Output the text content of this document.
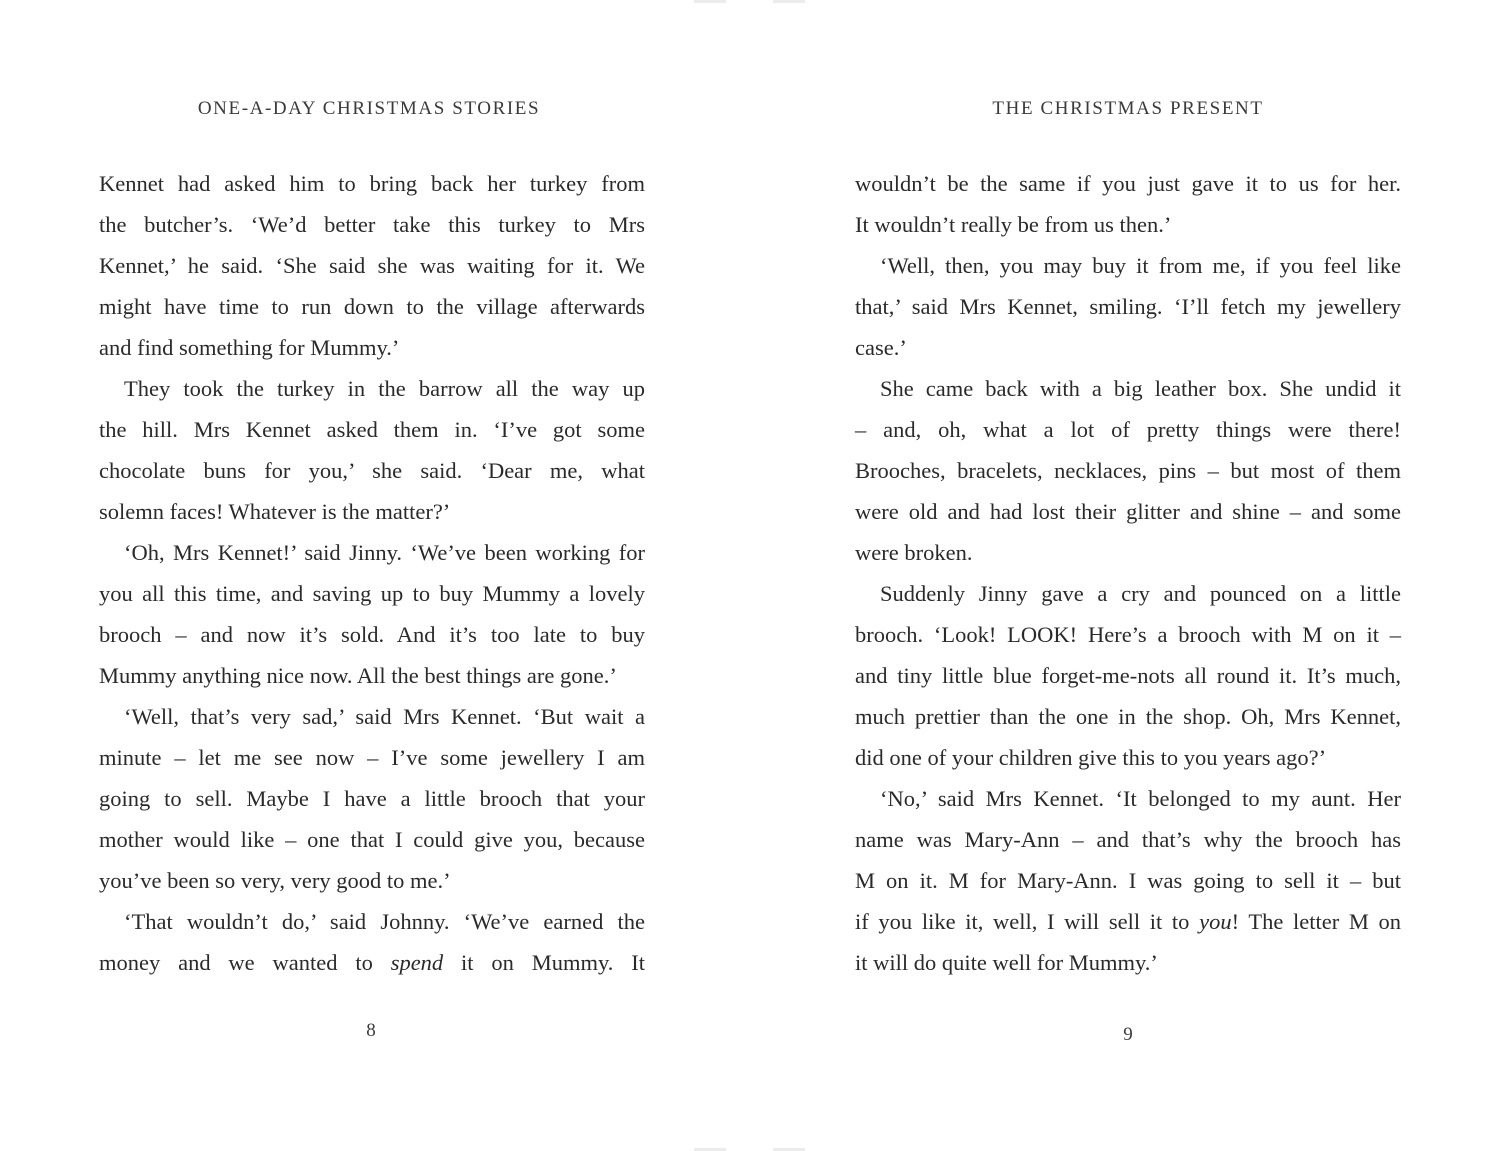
ONE-A-DAY CHRISTMAS STORIES
Kennet had asked him to bring back her turkey from
the butcher’s. ‘We’d better take this turkey to Mrs
Kennet,’ he said. ‘She said she was waiting for it. We
might have time to run down to the village afterwards
and find something for Mummy.’
They took the turkey in the barrow all the way up
the hill. Mrs Kennet asked them in. ‘I’ve got some
chocolate buns for you,’ she said. ‘Dear me, what
solemn faces! Whatever is the matter?’
‘Oh, Mrs Kennet!’ said Jinny. ‘We’ve been working for
you all this time, and saving up to buy Mummy a lovely
brooch – and now it’s sold. And it’s too late to buy
Mummy anything nice now. All the best things are gone.’
‘Well, that’s very sad,’ said Mrs Kennet. ‘But wait a
minute – let me see now – I’ve some jewellery I am
going to sell. Maybe I have a little brooch that your
mother would like – one that I could give you, because
you’ve been so very, very good to me.’
‘That wouldn’t do,’ said Johnny. ‘We’ve earned the
money and we wanted to spend it on Mummy. It
8
THE CHRISTMAS PRESENT
wouldn’t be the same if you just gave it to us for her.
It wouldn’t really be from us then.’
‘Well, then, you may buy it from me, if you feel like
that,’ said Mrs Kennet, smiling. ‘I’ll fetch my jewellery
case.’
She came back with a big leather box. She undid it
– and, oh, what a lot of pretty things were there!
Brooches, bracelets, necklaces, pins – but most of them
were old and had lost their glitter and shine – and some
were broken.
Suddenly Jinny gave a cry and pounced on a little
brooch. ‘Look! LOOK! Here’s a brooch with M on it –
and tiny little blue forget-me-nots all round it. It’s much,
much prettier than the one in the shop. Oh, Mrs Kennet,
did one of your children give this to you years ago?’
‘No,’ said Mrs Kennet. ‘It belonged to my aunt. Her
name was Mary-Ann – and that’s why the brooch has
M on it. M for Mary-Ann. I was going to sell it – but
if you like it, well, I will sell it to you! The letter M on
it will do quite well for Mummy.’
9
